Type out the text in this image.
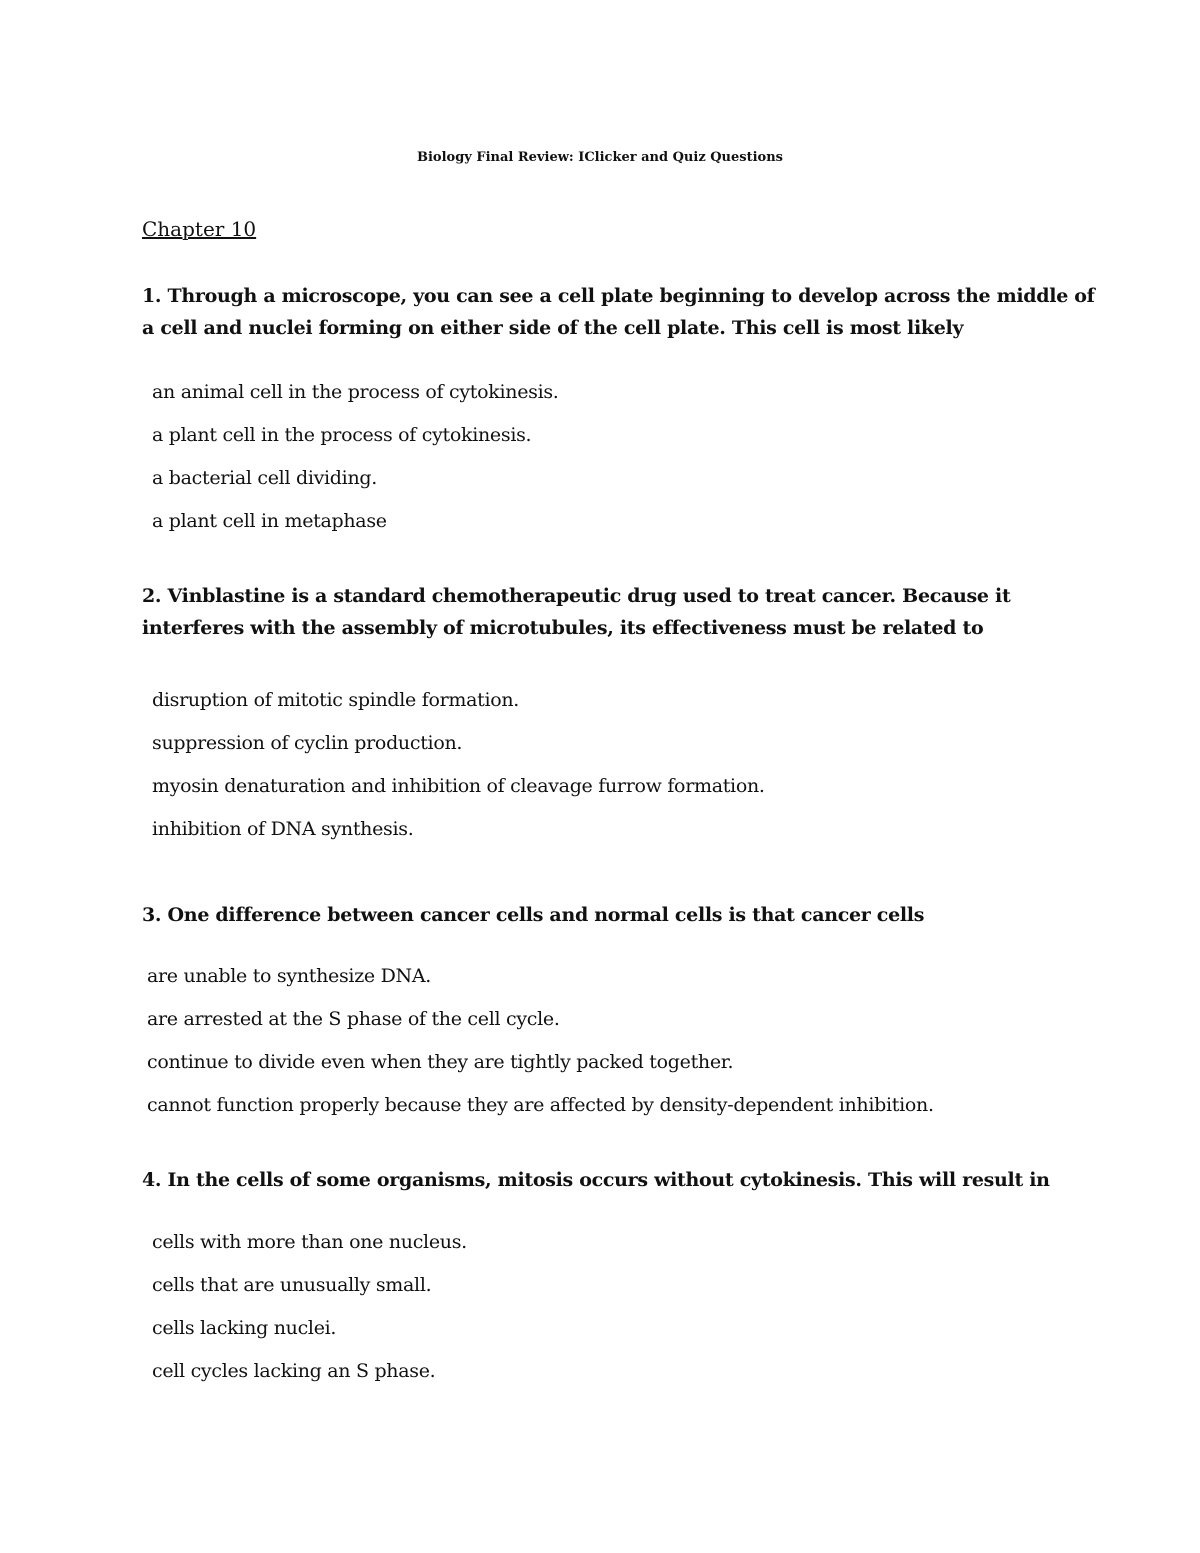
Biology Final Review: IClicker and Quiz Questions
Chapter 10
1. Through a microscope, you can see a cell plate beginning to develop across the middle of
a cell and nuclei forming on either side of the cell plate. This cell is most likely
an animal cell in the process of cytokinesis.
a plant cell in the process of cytokinesis.
a bacterial cell dividing.
a plant cell in metaphase
2. Vinblastine is a standard chemotherapeutic drug used to treat cancer. Because it
interferes with the assembly of microtubules, its effectiveness must be related to
disruption of mitotic spindle formation.
suppression of cyclin production.
myosin denaturation and inhibition of cleavage furrow formation.
inhibition of DNA synthesis.
3. One difference between cancer cells and normal cells is that cancer cells
are unable to synthesize DNA.
are arrested at the S phase of the cell cycle.
continue to divide even when they are tightly packed together.
cannot function properly because they are affected by density-dependent inhibition.
4. In the cells of some organisms, mitosis occurs without cytokinesis. This will result in
cells with more than one nucleus.
cells that are unusually small.
cells lacking nuclei.
cell cycles lacking an S phase.
